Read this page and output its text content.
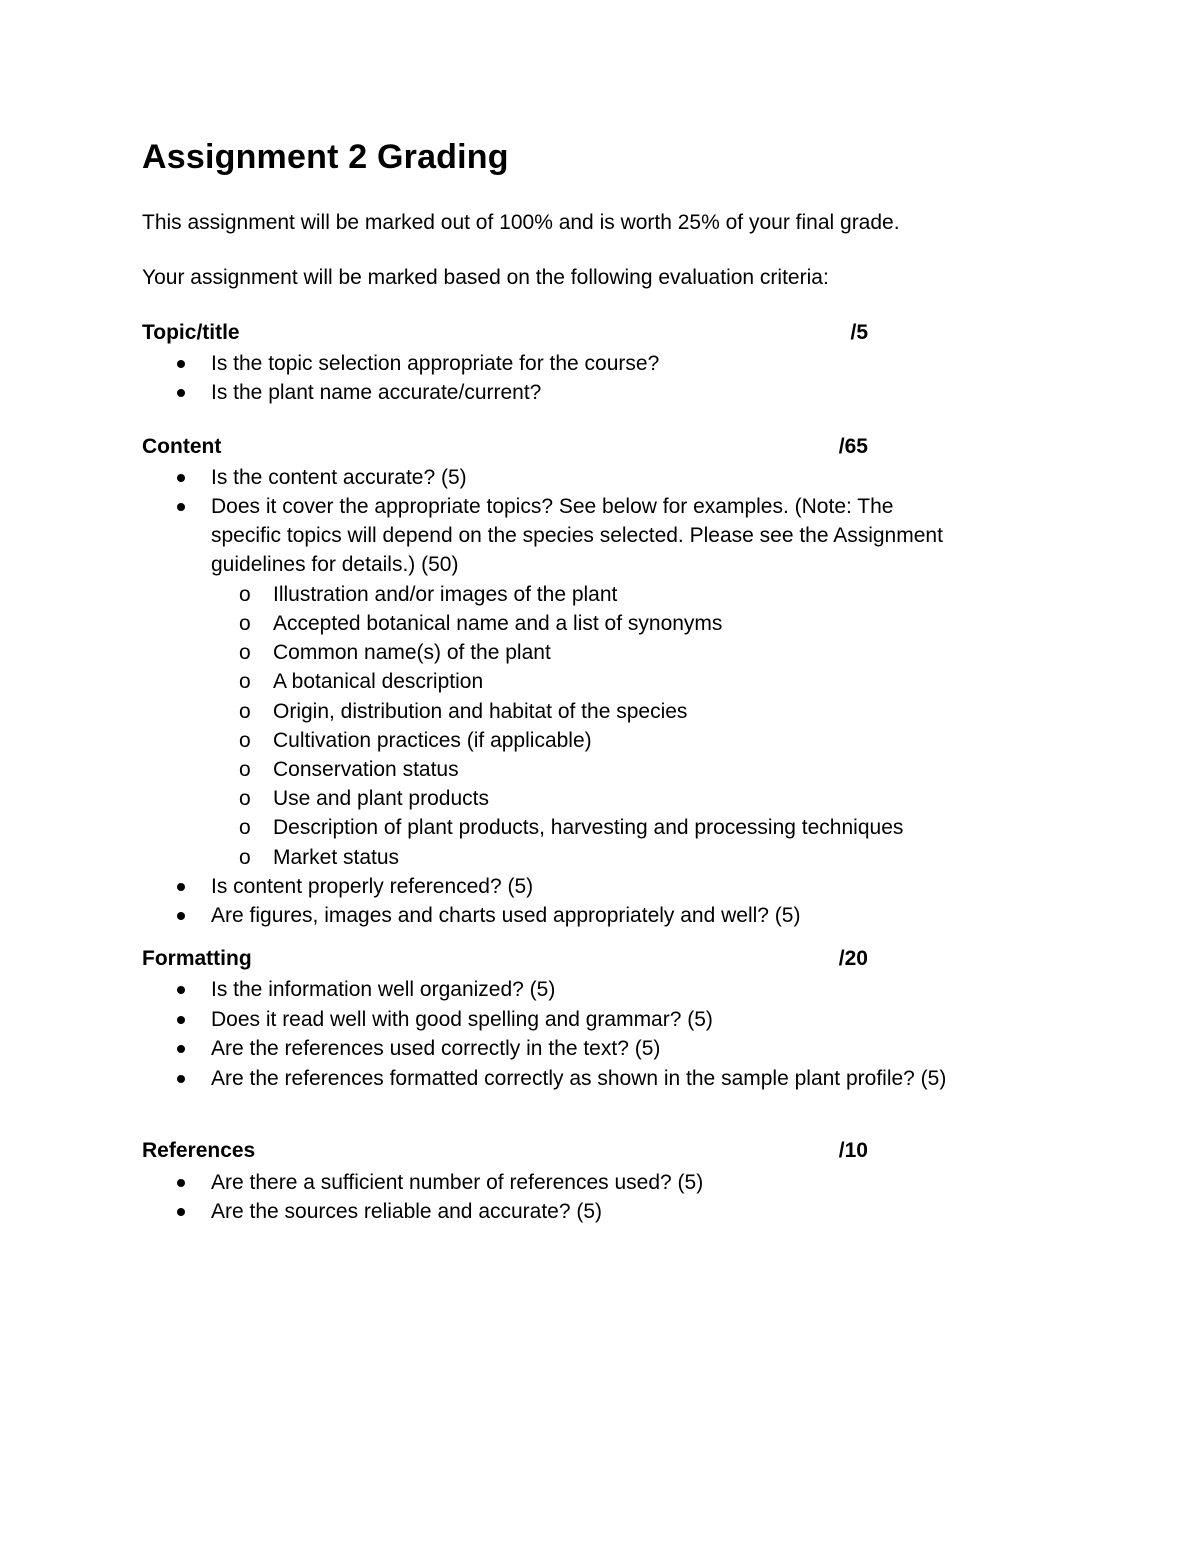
Assignment 2 Grading
This assignment will be marked out of 100% and is worth 25% of your final grade.
Your assignment will be marked based on the following evaluation criteria:
Topic/title	/5
Is the topic selection appropriate for the course?
Is the plant name accurate/current?
Content	/65
Is the content accurate? (5)
Does it cover the appropriate topics? See below for examples. (Note: The
specific topics will depend on the species selected. Please see the Assignment
guidelines for details.) (50)
o Illustration and/or images of the plant
o Accepted botanical name and a list of synonyms
o Common name(s) of the plant
o A botanical description
o Origin, distribution and habitat of the species
o Cultivation practices (if applicable)
o Conservation status
o Use and plant products
o Description of plant products, harvesting and processing techniques
o Market status
Is content properly referenced? (5)
Are figures, images and charts used appropriately and well? (5)
Formatting	/20
Is the information well organized? (5)
Does it read well with good spelling and grammar? (5)
Are the references used correctly in the text? (5)
Are the references formatted correctly as shown in the sample plant profile? (5)
References	/10
Are there a sufficient number of references used? (5)
Are the sources reliable and accurate? (5)
